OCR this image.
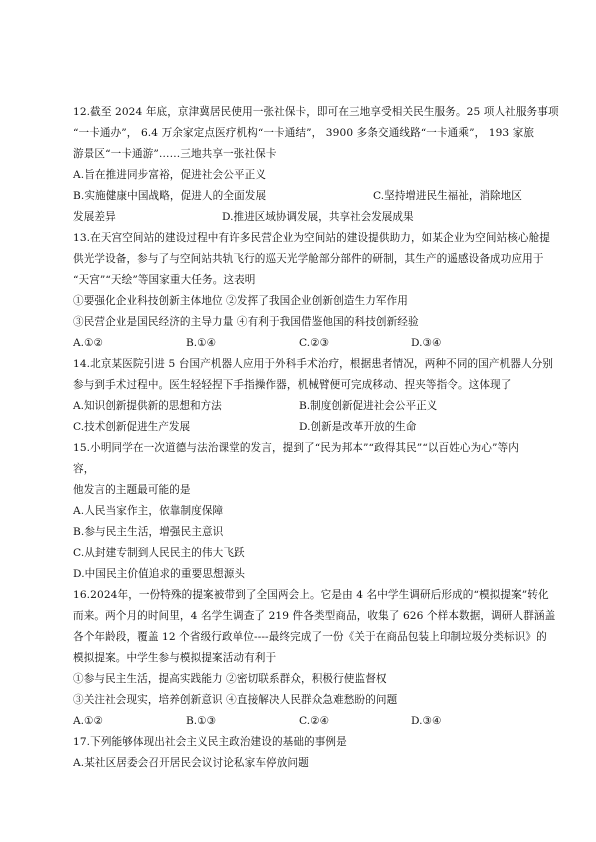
12.截至 2024 年底，京津冀居民使用一张社保卡，即可在三地享受相关民生服务。25 项人社服务事项
“一卡通办”， 6.4 万余家定点医疗机构“一卡通结”， 3900 多条交通线路“一卡通乘”， 193 家旅
游景区“一卡通游”……三地共享一张社保卡
A.旨在推进同步富裕，促进社会公平正义
B.实施健康中国战略，促进人的全面发展	C.坚持增进民生福祉，消除地区
发展差异	D.推进区域协调发展，共享社会发展成果
13.在天宫空间站的建设过程中有许多民营企业为空间站的建设提供助力，如某企业为空间站核心舱提
供光学设备，参与了与空间站共轨飞行的巡天光学舱部分部件的研制，其生产的遥感设备成功应用于
“天宫”“天绘”等国家重大任务。这表明
①要强化企业科技创新主体地位 ②发挥了我国企业创新创造生力军作用
③民营企业是国民经济的主导力量 ④有利于我国借鉴他国的科技创新经验
A.①②	B.①④	C.②③	D.③④
14.北京某医院引进 5 台国产机器人应用于外科手术治疗，根据患者情况，两种不同的国产机器人分别
参与到手术过程中。医生轻轻捏下手指操作器，机械臂便可完成移动、捏夹等指令。这体现了
A.知识创新提供新的思想和方法	B.制度创新促进社会公平正义
C.技术创新促进生产发展	D.创新是改革开放的生命
15.小明同学在一次道德与法治课堂的发言，提到了“民为邦本”“政得其民”“以百姓心为心”等内
容，
他发言的主题最可能的是
A.人民当家作主，依靠制度保障
B.参与民主生活，增强民主意识
C.从封建专制到人民民主的伟大飞跃
D.中国民主价值追求的重要思想源头
16.2024年，一份特殊的提案被带到了全国两会上。它是由 4 名中学生调研后形成的“模拟提案”转化
而来。两个月的时间里，4 名学生调查了 219 件各类型商品，收集了 626 个样本数据，调研人群涵盖
各个年龄段，覆盖 12 个省级行政单位----最终完成了一份《关于在商品包装上印制垃圾分类标识》的
模拟提案。中学生参与模拟提案活动有利于
①参与民主生活，提高实践能力 ②密切联系群众，积极行使监督权
③关注社会现实，培养创新意识 ④直接解决人民群众急难愁盼的问题
A.①②	B.①③	C.②④	D.③④
17.下列能够体现出社会主义民主政治建设的基础的事例是
A.某社区居委会召开居民会议讨论私家车停放问题
